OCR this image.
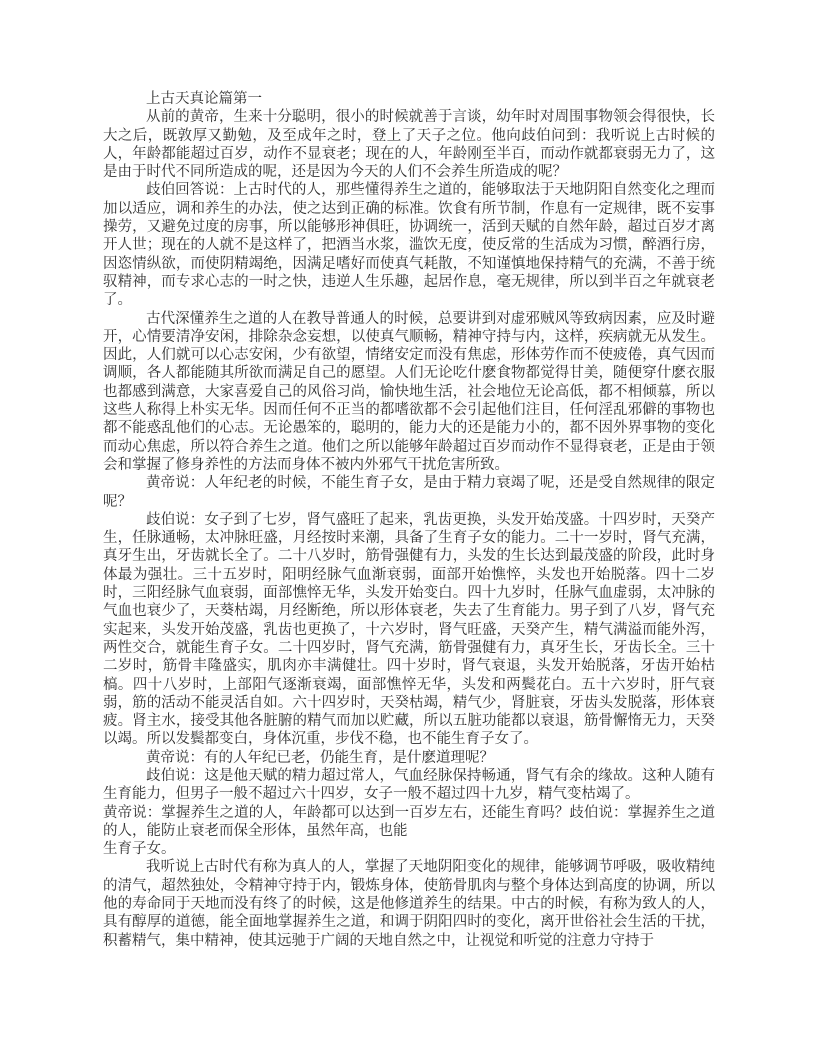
上古天真论篇第一

从前的黄帝，生来十分聪明，很小的时候就善于言谈，幼年时对周围事物领会得很快，长大之后，既敦厚又勤勉，及至成年之时，登上了天子之位。他向歧伯问到：我听说上古时候的人，年龄都能超过百岁，动作不显衰老；现在的人，年龄刚至半百，而动作就都衰弱无力了，这是由于时代不同所造成的呢，还是因为今天的人们不会养生所造成的呢？

歧伯回答说：上古时代的人，那些懂得养生之道的，能够取法于天地阴阳自然变化之理而加以适应，调和养生的办法，使之达到正确的标准。饮食有所节制，作息有一定规律，既不妄事操劳，又避免过度的房事，所以能够形神俱旺，协调统一，活到天赋的自然年龄，超过百岁才离开人世；现在的人就不是这样了，把酒当水浆，滥饮无度，使反常的生活成为习惯，醉酒行房，因恣情纵欲，而使阴精竭绝，因满足嗜好而使真气耗散，不知谨慎地保持精气的充满，不善于统驭精神，而专求心志的一时之快，违逆人生乐趣，起居作息，毫无规律，所以到半百之年就衰老了。

古代深懂养生之道的人在教导普通人的时候，总要讲到对虚邪贼风等致病因素，应及时避开，心情要清净安闲，排除杂念妄想，以使真气顺畅，精神守持与内，这样，疾病就无从发生。因此，人们就可以心志安闲，少有欲望，情绪安定而没有焦虑，形体劳作而不使疲倦，真气因而调顺，各人都能随其所欲而满足自己的愿望。人们无论吃什麽食物都觉得甘美，随便穿什麽衣服也都感到满意，大家喜爱自己的风俗习尚，愉快地生活，社会地位无论高低，都不相倾慕，所以这些人称得上朴实无华。因而任何不正当的都嗜欲都不会引起他们注目，任何淫乱邪僻的事物也都不能惑乱他们的心志。无论愚笨的，聪明的，能力大的还是能力小的，都不因外界事物的变化而动心焦虑，所以符合养生之道。他们之所以能够年龄超过百岁而动作不显得衰老，正是由于领会和掌握了修身养性的方法而身体不被内外邪气干扰危害所致。

黄帝说：人年纪老的时候，不能生育子女，是由于精力衰竭了呢，还是受自然规律的限定呢？

歧伯说：女子到了七岁，肾气盛旺了起来，乳齿更换，头发开始茂盛。十四岁时，天癸产生，任脉通畅，太冲脉旺盛，月经按时来潮，具备了生育子女的能力。二十一岁时，肾气充满，真牙生出，牙齿就长全了。二十八岁时，筋骨强健有力，头发的生长达到最茂盛的阶段，此时身体最为强壮。三十五岁时，阳明经脉气血渐衰弱，面部开始憔悴，头发也开始脱落。四十二岁时，三阳经脉气血衰弱，面部憔悴无华，头发开始变白。四十九岁时，任脉气血虚弱，太冲脉的气血也衰少了，天葵枯竭，月经断绝，所以形体衰老，失去了生育能力。男子到了八岁，肾气充实起来，头发开始茂盛，乳齿也更换了，十六岁时，肾气旺盛，天癸产生，精气满溢而能外泻，两性交合，就能生育子女。二十四岁时，肾气充满，筋骨强健有力，真牙生长，牙齿长全。三十二岁时，筋骨丰隆盛实，肌肉亦丰满健壮。四十岁时，肾气衰退，头发开始脱落，牙齿开始枯槁。四十八岁时，上部阳气逐渐衰竭，面部憔悴无华，头发和两鬓花白。五十六岁时，肝气衰弱，筋的活动不能灵活自如。六十四岁时，天癸枯竭，精气少，肾脏衰，牙齿头发脱落，形体衰疲。肾主水，接受其他各脏腑的精气而加以贮藏，所以五脏功能都以衰退，筋骨懈惰无力，天癸以竭。所以发鬓都变白，身体沉重，步伐不稳，也不能生育子女了。

黄帝说：有的人年纪已老，仍能生育，是什麽道理呢？

歧伯说：这是他天赋的精力超过常人，气血经脉保持畅通，肾气有余的缘故。这种人随有生育能力，但男子一般不超过六十四岁，女子一般不超过四十九岁，精气变枯竭了。

黄帝说：掌握养生之道的人，年龄都可以达到一百岁左右，还能生育吗？歧伯说：掌握养生之道的人，能防止衰老而保全形体，虽然年高，也能

生育子女。

我听说上古时代有称为真人的人，掌握了天地阴阳变化的规律，能够调节呼吸，吸收精纯的清气，超然独处，令精神守持于内，锻炼身体，使筋骨肌肉与整个身体达到高度的协调，所以他的寿命同于天地而没有终了的时候，这是他修道养生的结果。中古的时候，有称为致人的人，具有醇厚的道德，能全面地掌握养生之道，和调于阴阳四时的变化，离开世俗社会生活的干扰，积蓄精气，集中精神，使其远驰于广阔的天地自然之中，让视觉和听觉的注意力守持于
